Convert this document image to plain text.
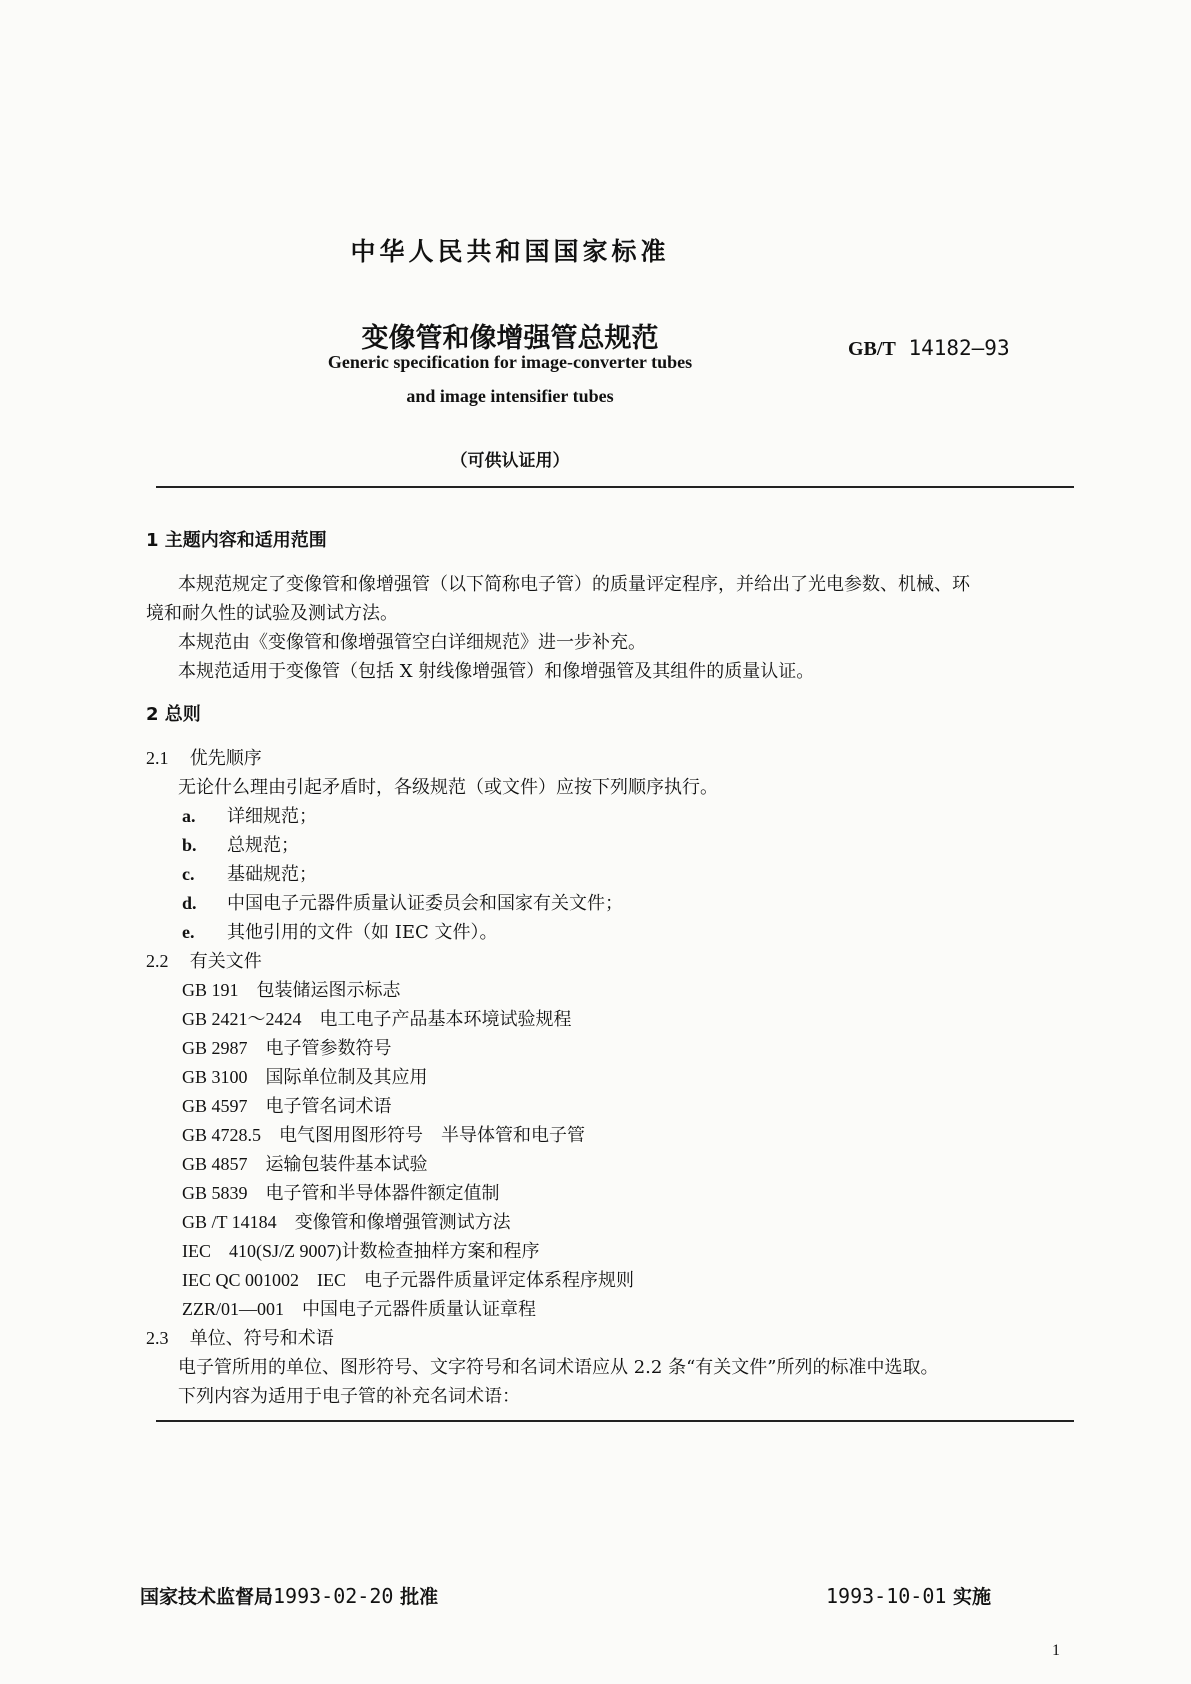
中华人民共和国国家标准
变像管和像增强管总规范	GB/T 14182—93
Generic specification for image-converter tubes
and image intensifier tubes
（可供认证用）
1 主题内容和适用范围
本规范规定了变像管和像增强管（以下简称电子管）的质量评定程序，并给出了光电参数、机械、环
境和耐久性的试验及测试方法。
本规范由《变像管和像增强管空白详细规范》进一步补充。
本规范适用于变像管（包括 X 射线像增强管）和像增强管及其组件的质量认证。
2 总则
2.1 优先顺序
无论什么理由引起矛盾时，各级规范（或文件）应按下列顺序执行。
a. 详细规范；
b. 总规范；
c. 基础规范；
d. 中国电子元器件质量认证委员会和国家有关文件；
e. 其他引用的文件（如 IEC 文件）。
2.2 有关文件
GB 191　 包装储运图示标志
GB 2421～2424　 电工电子产品基本环境试验规程
GB 2987　 电子管参数符号
GB 3100　 国际单位制及其应用
GB 4597　 电子管名词术语
GB 4728.5　 电气图用图形符号　半导体管和电子管
GB 4857　 运输包装件基本试验
GB 5839　 电子管和半导体器件额定值制
GB /T 14184　 变像管和像增强管测试方法
IEC　410(SJ/Z 9007)计数检查抽样方案和程序
IEC QC 001002　IEC　 电子元器件质量评定体系程序规则
ZZR/01—001　 中国电子元器件质量认证章程
2.3 单位、符号和术语
电子管所用的单位、图形符号、文字符号和名词术语应从 2.2 条“有关文件”所列的标准中选取。
下列内容为适用于电子管的补充名词术语：
国家技术监督局1993-02-20 批准	1993-10-01 实施
1
